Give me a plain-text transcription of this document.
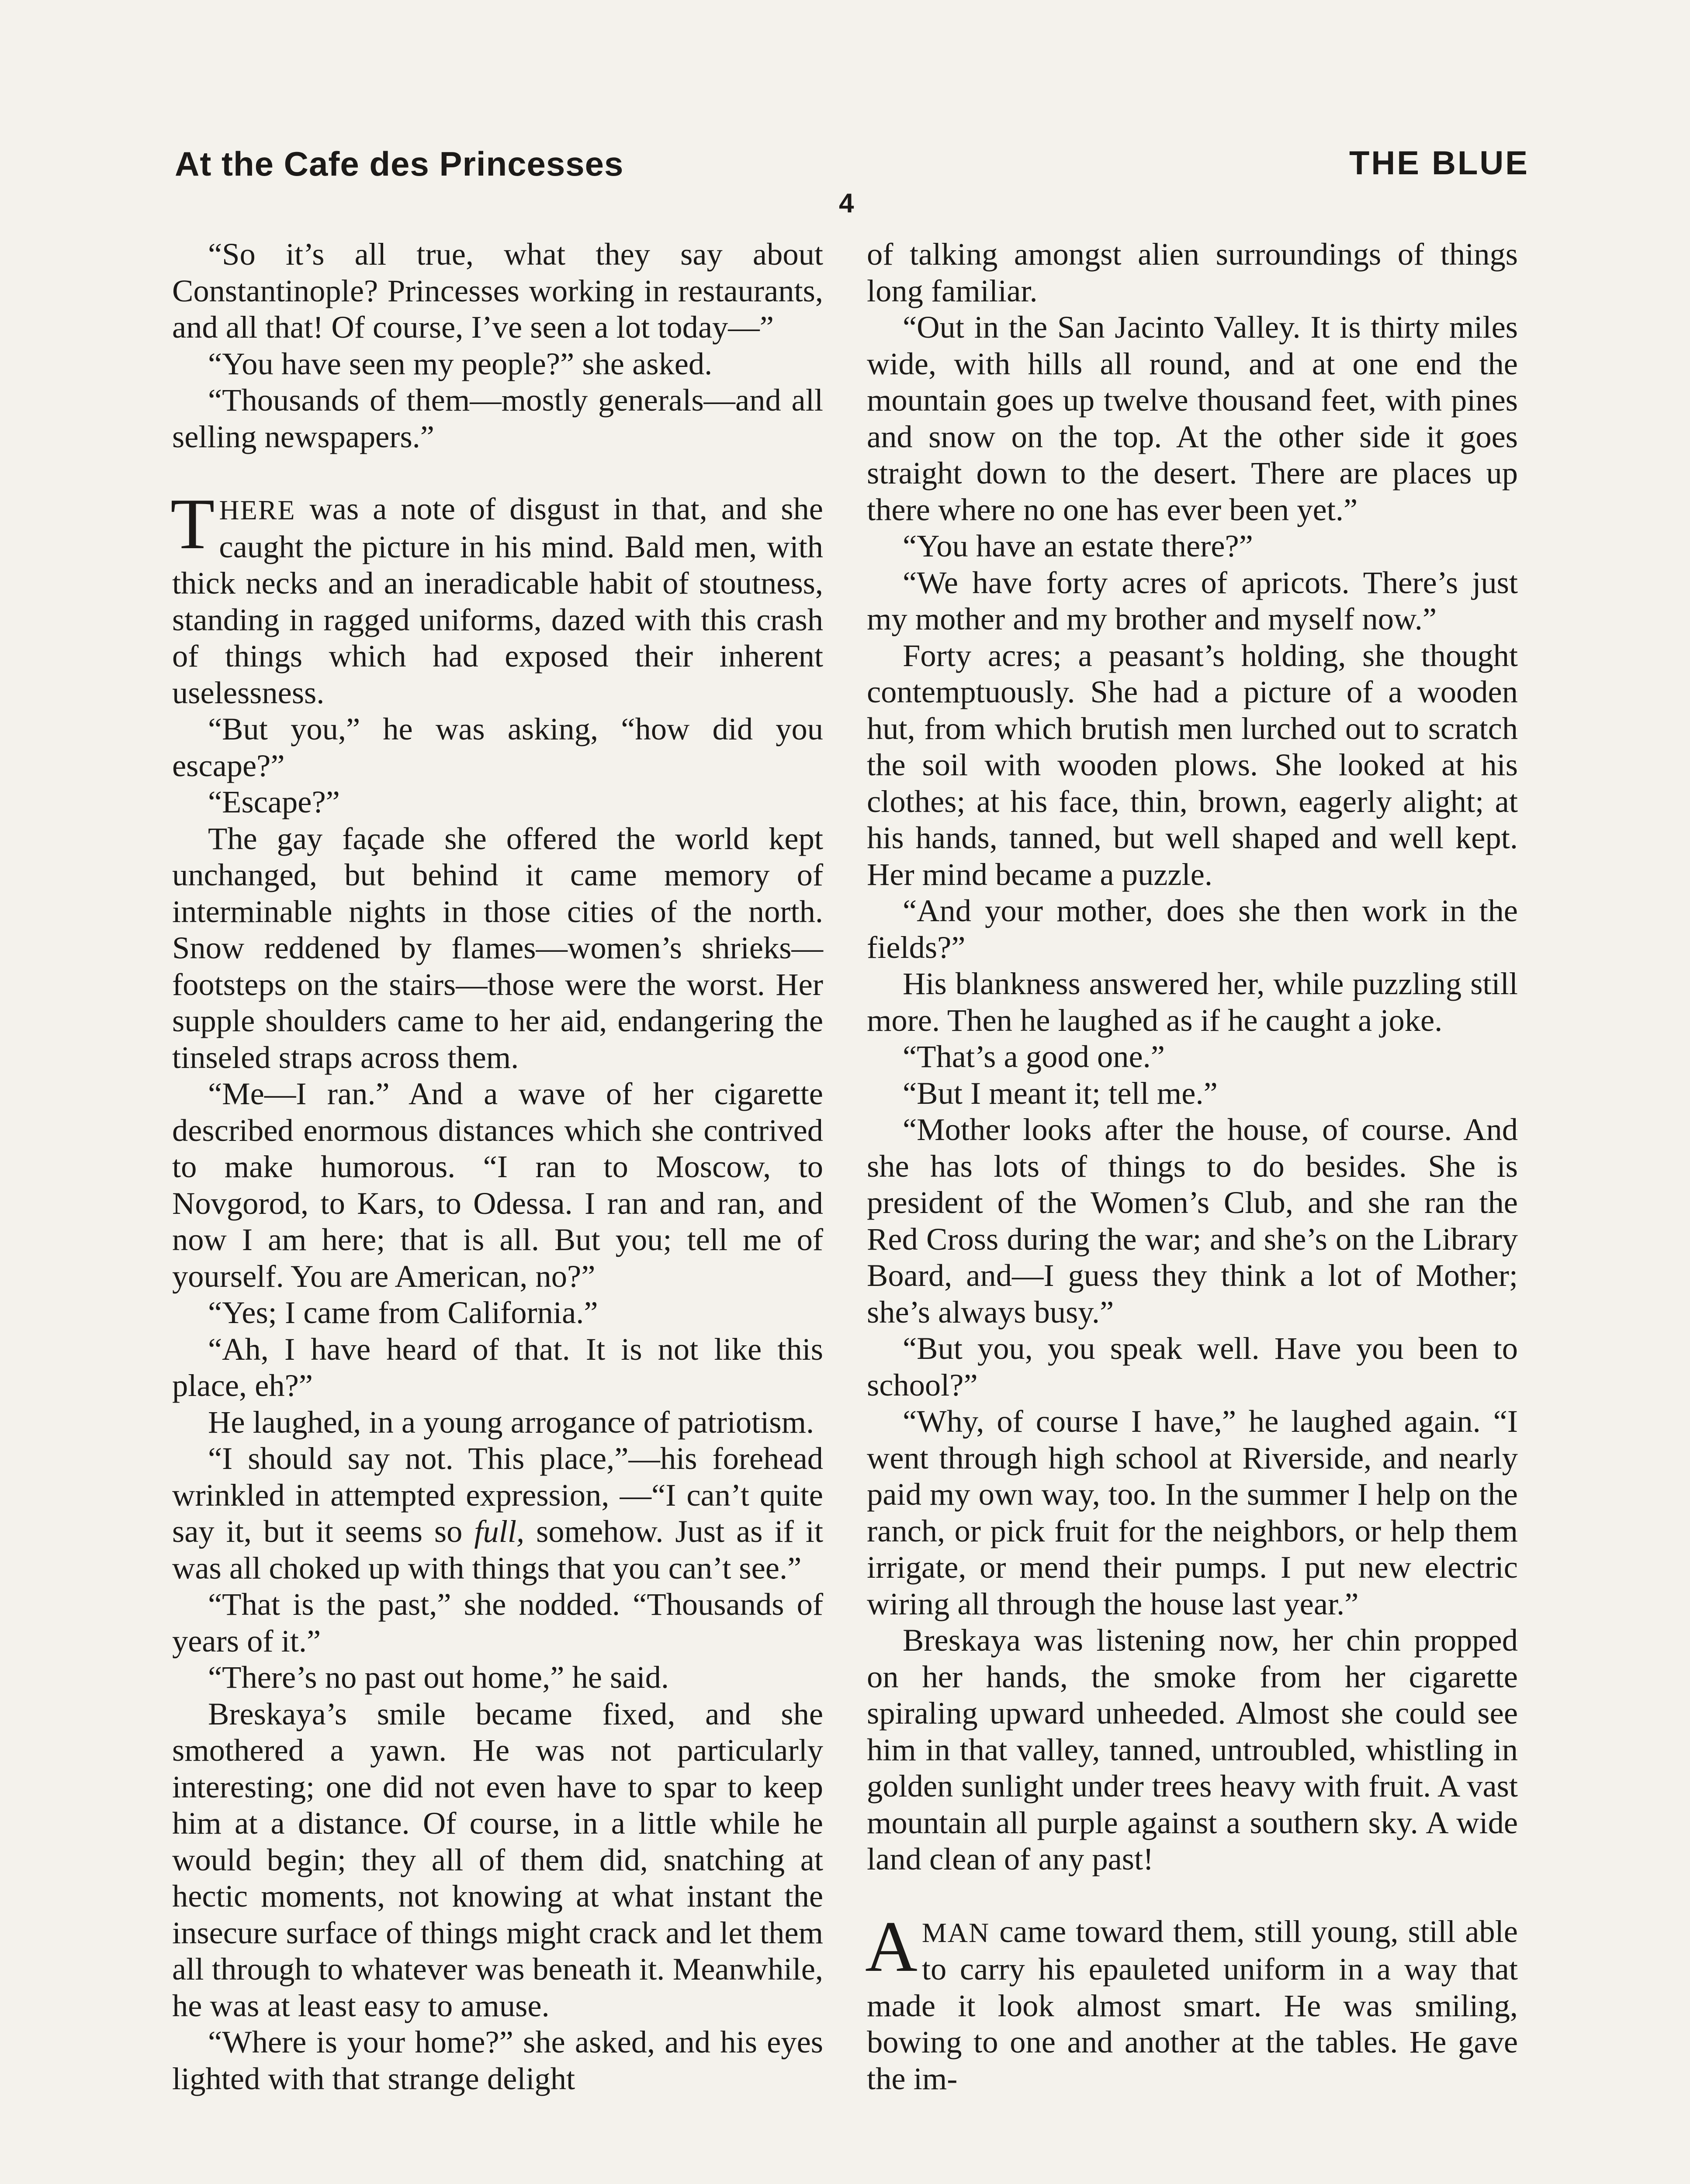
At the Cafe des Princesses	THE BLUE
4

“So it’s all true, what they say about Constantinople? Princesses working in restaurants, and all that! Of course, I’ve seen a lot today—”

“You have seen my people?” she asked.

“Thousands of them—mostly generals—and all selling newspapers.”

THERE was a note of disgust in that, and she caught the picture in his mind. Bald men, with thick necks and an ineradicable habit of stoutness, standing in ragged uniforms, dazed with this crash of things which had exposed their inherent uselessness.

“But you,” he was asking, “how did you escape?”

“Escape?”

The gay façade she offered the world kept unchanged, but behind it came memory of interminable nights in those cities of the north. Snow reddened by flames—women’s shrieks—footsteps on the stairs—those were the worst. Her supple shoulders came to her aid, endangering the tinseled straps across them.

“Me—I ran.” And a wave of her cigarette described enormous distances which she contrived to make humorous. “I ran to Moscow, to Novgorod, to Kars, to Odessa. I ran and ran, and now I am here; that is all. But you; tell me of yourself. You are American, no?”

“Yes; I came from California.”

“Ah, I have heard of that. It is not like this place, eh?”

He laughed, in a young arrogance of patriotism.

“I should say not. This place,”—his forehead wrinkled in attempted expression, —“I can’t quite say it, but it seems so full, somehow. Just as if it was all choked up with things that you can’t see.”

“That is the past,” she nodded. “Thousands of years of it.”

“There’s no past out home,” he said.

Breskaya’s smile became fixed, and she smothered a yawn. He was not particularly interesting; one did not even have to spar to keep him at a distance. Of course, in a little while he would begin; they all of them did, snatching at hectic moments, not knowing at what instant the insecure surface of things might crack and let them all through to whatever was beneath it. Meanwhile, he was at least easy to amuse.

“Where is your home?” she asked, and his eyes lighted with that strange delight

of talking amongst alien surroundings of things long familiar.

“Out in the San Jacinto Valley. It is thirty miles wide, with hills all round, and at one end the mountain goes up twelve thousand feet, with pines and snow on the top. At the other side it goes straight down to the desert. There are places up there where no one has ever been yet.”

“You have an estate there?”

“We have forty acres of apricots. There’s just my mother and my brother and myself now.”

Forty acres; a peasant’s holding, she thought contemptuously. She had a picture of a wooden hut, from which brutish men lurched out to scratch the soil with wooden plows. She looked at his clothes; at his face, thin, brown, eagerly alight; at his hands, tanned, but well shaped and well kept. Her mind became a puzzle.

“And your mother, does she then work in the fields?”

His blankness answered her, while puzzling still more. Then he laughed as if he caught a joke.

“That’s a good one.”

“But I meant it; tell me.”

“Mother looks after the house, of course. And she has lots of things to do besides. She is president of the Women’s Club, and she ran the Red Cross during the war; and she’s on the Library Board, and—I guess they think a lot of Mother; she’s always busy.”

“But you, you speak well. Have you been to school?”

“Why, of course I have,” he laughed again. “I went through high school at Riverside, and nearly paid my own way, too. In the summer I help on the ranch, or pick fruit for the neighbors, or help them irrigate, or mend their pumps. I put new electric wiring all through the house last year.”

Breskaya was listening now, her chin propped on her hands, the smoke from her cigarette spiraling upward unheeded. Almost she could see him in that valley, tanned, untroubled, whistling in golden sunlight under trees heavy with fruit. A vast mountain all purple against a southern sky. A wide land clean of any past!

AMAN came toward them, still young, still able to carry his epauleted uniform in a way that made it look almost smart. He was smiling, bowing to one and another at the tables. He gave the im-
